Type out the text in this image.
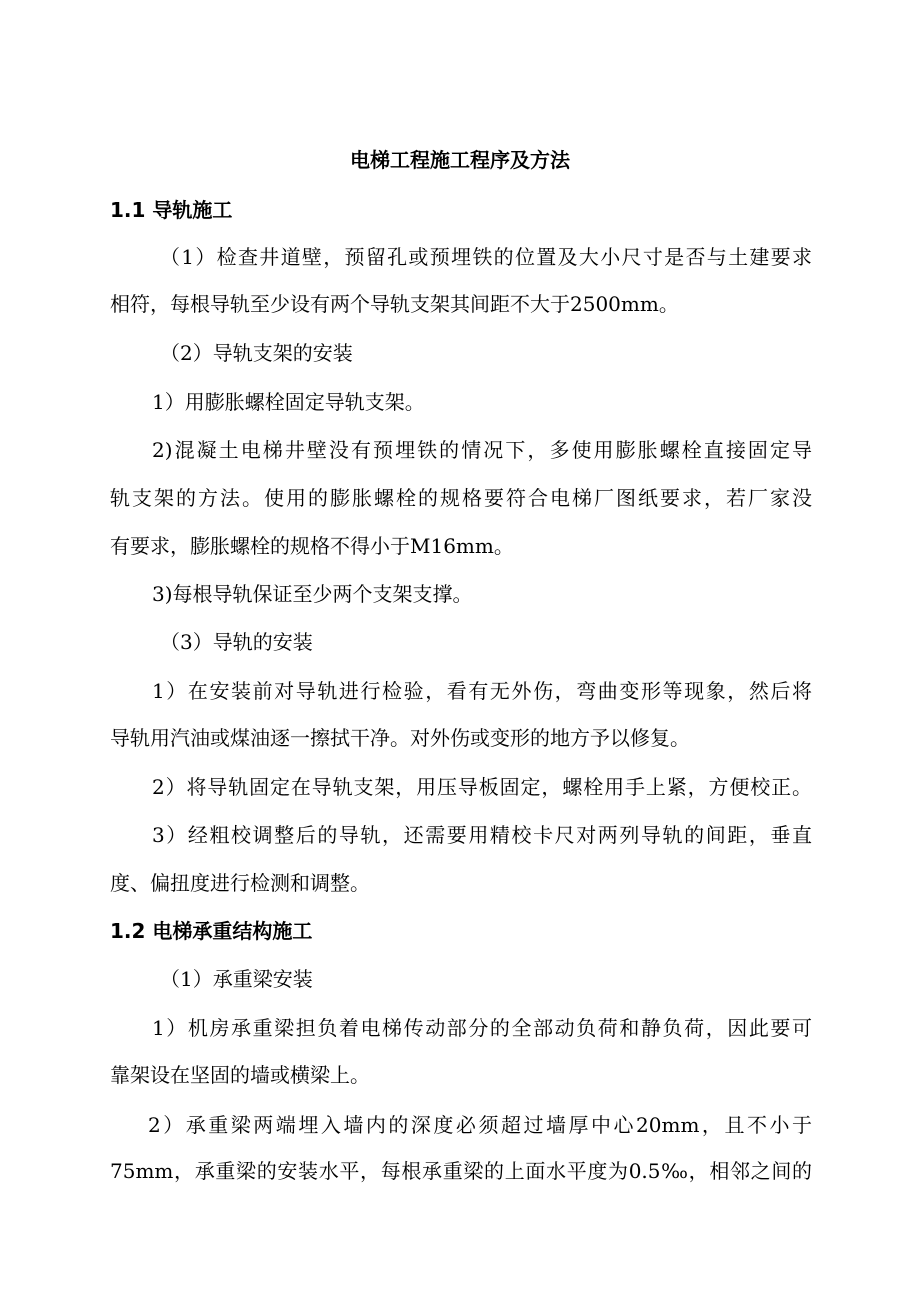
电梯工程施工程序及方法
1.1 导轨施工
（1）检查井道壁，预留孔或预埋铁的位置及大小尺寸是否与土建要求
相符，每根导轨至少设有两个导轨支架其间距不大于2500mm。
（2）导轨支架的安装
1）用膨胀螺栓固定导轨支架。
2)混凝土电梯井壁没有预埋铁的情况下，多使用膨胀螺栓直接固定导
轨支架的方法。使用的膨胀螺栓的规格要符合电梯厂图纸要求，若厂家没
有要求，膨胀螺栓的规格不得小于M16mm。
3)每根导轨保证至少两个支架支撑。
（3）导轨的安装
1）在安装前对导轨进行检验，看有无外伤，弯曲变形等现象，然后将
导轨用汽油或煤油逐一擦拭干净。对外伤或变形的地方予以修复。
2）将导轨固定在导轨支架，用压导板固定，螺栓用手上紧，方便校正。
3）经粗校调整后的导轨，还需要用精校卡尺对两列导轨的间距，垂直
度、偏扭度进行检测和调整。
1.2 电梯承重结构施工
（1）承重梁安装
1）机房承重梁担负着电梯传动部分的全部动负荷和静负荷，因此要可
靠架设在坚固的墙或横梁上。
2）承重梁两端埋入墙内的深度必须超过墙厚中心20mm，且不小于
75mm，承重梁的安装水平，每根承重梁的上面水平度为0.5‰，相邻之间的
